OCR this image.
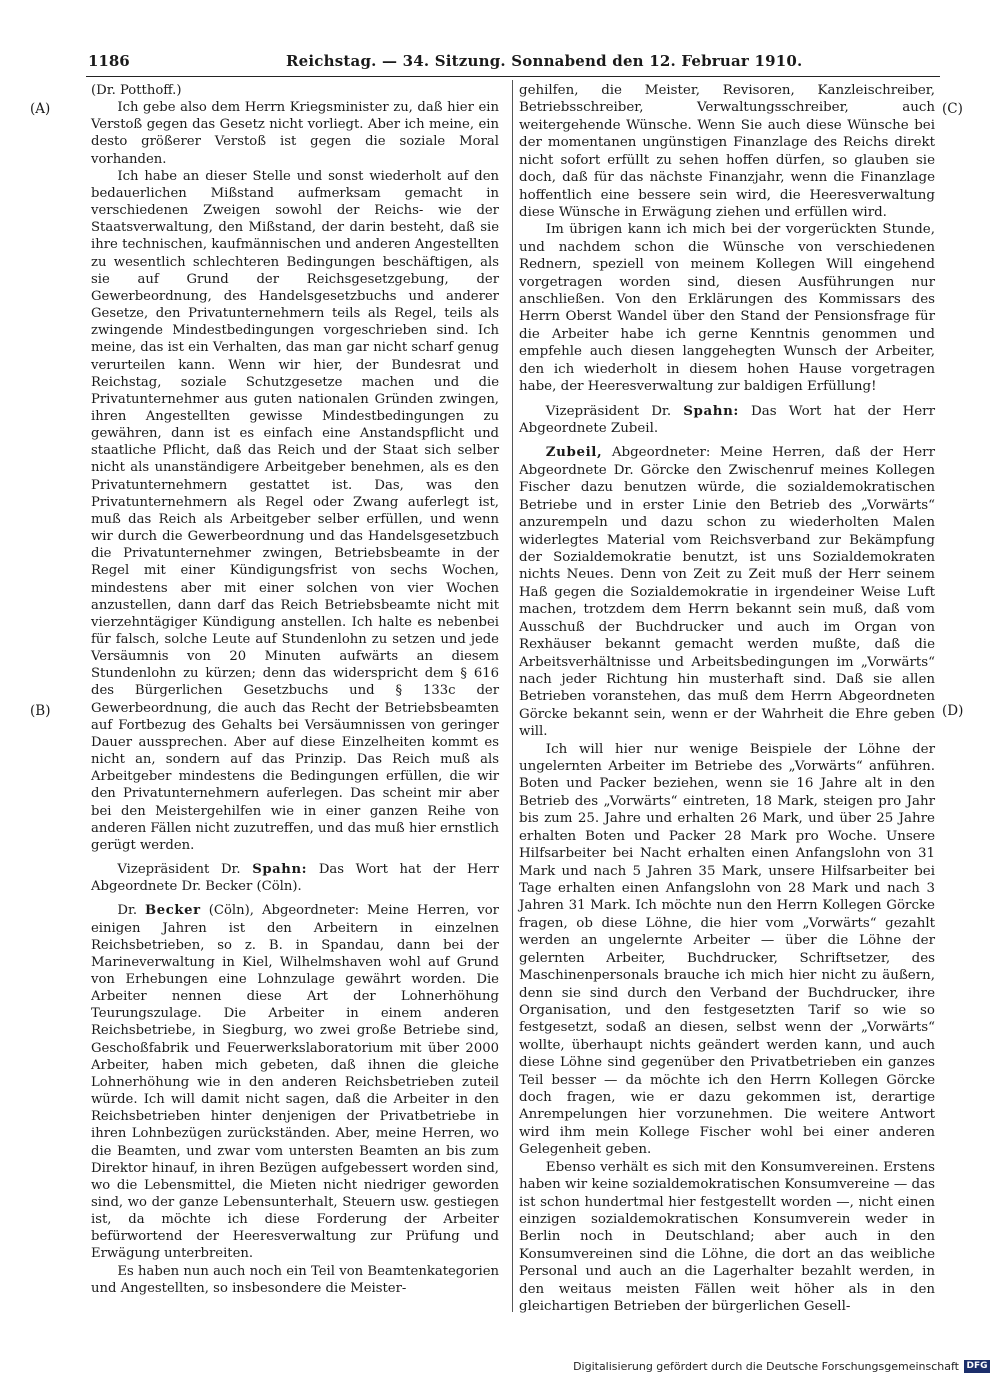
1186	Reichstag. — 34. Sitzung. Sonnabend den 12. Februar 1910.
(A)
(B)
(C)
(D)

(Dr. Potthoff.)

Ich gebe also dem Herrn Kriegsminister zu, daß hier ein Verstoß gegen das Gesetz nicht vorliegt. Aber ich meine, ein desto größerer Verstoß ist gegen die soziale Moral vorhanden.

Ich habe an dieser Stelle und sonst wiederholt auf den bedauerlichen Mißstand aufmerksam gemacht in verschiedenen Zweigen sowohl der Reichs- wie der Staatsverwaltung, den Mißstand, der darin besteht, daß sie ihre technischen, kaufmännischen und anderen Angestellten zu wesentlich schlechteren Bedingungen beschäftigen, als sie auf Grund der Reichsgesetzgebung, der Gewerbeordnung, des Handelsgesetzbuchs und anderer Gesetze, den Privatunternehmern teils als Regel, teils als zwingende Mindestbedingungen vorgeschrieben sind. Ich meine, das ist ein Verhalten, das man gar nicht scharf genug verurteilen kann. Wenn wir hier, der Bundesrat und Reichstag, soziale Schutzgesetze machen und die Privatunternehmer aus guten nationalen Gründen zwingen, ihren Angestellten gewisse Mindestbedingungen zu gewähren, dann ist es einfach eine Anstandspflicht und staatliche Pflicht, daß das Reich und der Staat sich selber nicht als unanständigere Arbeitgeber benehmen, als es den Privatunternehmern gestattet ist. Das, was den Privatunternehmern als Regel oder Zwang auferlegt ist, muß das Reich als Arbeitgeber selber erfüllen, und wenn wir durch die Gewerbeordnung und das Handelsgesetzbuch die Privatunternehmer zwingen, Betriebsbeamte in der Regel mit einer Kündigungsfrist von sechs Wochen, mindestens aber mit einer solchen von vier Wochen anzustellen, dann darf das Reich Betriebsbeamte nicht mit vierzehntägiger Kündigung anstellen. Ich halte es nebenbei für falsch, solche Leute auf Stundenlohn zu setzen und jede Versäumnis von 20 Minuten aufwärts an diesem Stundenlohn zu kürzen; denn das widerspricht dem § 616 des Bürgerlichen Gesetzbuchs und § 133c der Gewerbeordnung, die auch das Recht der Betriebsbeamten auf Fortbezug des Gehalts bei Versäumnissen von geringer Dauer aussprechen. Aber auf diese Einzelheiten kommt es nicht an, sondern auf das Prinzip. Das Reich muß als Arbeitgeber mindestens die Bedingungen erfüllen, die wir den Privatunternehmern auferlegen. Das scheint mir aber bei den Meistergehilfen wie in einer ganzen Reihe von anderen Fällen nicht zuzutreffen, und das muß hier ernstlich gerügt werden.

Vizepräsident Dr. Spahn: Das Wort hat der Herr Abgeordnete Dr. Becker (Cöln).

Dr. Becker (Cöln), Abgeordneter: Meine Herren, vor einigen Jahren ist den Arbeitern in einzelnen Reichsbetrieben, so z. B. in Spandau, dann bei der Marineverwaltung in Kiel, Wilhelmshaven wohl auf Grund von Erhebungen eine Lohnzulage gewährt worden. Die Arbeiter nennen diese Art der Lohnerhöhung Teurungszulage. Die Arbeiter in einem anderen Reichsbetriebe, in Siegburg, wo zwei große Betriebe sind, Geschoßfabrik und Feuerwerkslaboratorium mit über 2000 Arbeiter, haben mich gebeten, daß ihnen die gleiche Lohnerhöhung wie in den anderen Reichsbetrieben zuteil würde. Ich will damit nicht sagen, daß die Arbeiter in den Reichsbetrieben hinter denjenigen der Privatbetriebe in ihren Lohnbezügen zurückständen. Aber, meine Herren, wo die Beamten, und zwar vom untersten Beamten an bis zum Direktor hinauf, in ihren Bezügen aufgebessert worden sind, wo die Lebensmittel, die Mieten nicht niedriger geworden sind, wo der ganze Lebensunterhalt, Steuern usw. gestiegen ist, da möchte ich diese Forderung der Arbeiter befürwortend der Heeresverwaltung zur Prüfung und Erwägung unterbreiten.

Es haben nun auch noch ein Teil von Beamtenkategorien und Angestellten, so insbesondere die Meister-

gehilfen, die Meister, Revisoren, Kanzleischreiber, Betriebsschreiber, Verwaltungsschreiber, auch weitergehende Wünsche. Wenn Sie auch diese Wünsche bei der momentanen ungünstigen Finanzlage des Reichs direkt nicht sofort erfüllt zu sehen hoffen dürfen, so glauben sie doch, daß für das nächste Finanzjahr, wenn die Finanzlage hoffentlich eine bessere sein wird, die Heeresverwaltung diese Wünsche in Erwägung ziehen und erfüllen wird.

Im übrigen kann ich mich bei der vorgerückten Stunde, und nachdem schon die Wünsche von verschiedenen Rednern, speziell von meinem Kollegen Will eingehend vorgetragen worden sind, diesen Ausführungen nur anschließen. Von den Erklärungen des Kommissars des Herrn Oberst Wandel über den Stand der Pensionsfrage für die Arbeiter habe ich gerne Kenntnis genommen und empfehle auch diesen langgehegten Wunsch der Arbeiter, den ich wiederholt in diesem hohen Hause vorgetragen habe, der Heeresverwaltung zur baldigen Erfüllung!

Vizepräsident Dr. Spahn: Das Wort hat der Herr Abgeordnete Zubeil.

Zubeil, Abgeordneter: Meine Herren, daß der Herr Abgeordnete Dr. Görcke den Zwischenruf meines Kollegen Fischer dazu benutzen würde, die sozialdemokratischen Betriebe und in erster Linie den Betrieb des „Vorwärts“ anzurempeln und dazu schon zu wiederholten Malen widerlegtes Material vom Reichsverband zur Bekämpfung der Sozialdemokratie benutzt, ist uns Sozialdemokraten nichts Neues. Denn von Zeit zu Zeit muß der Herr seinem Haß gegen die Sozialdemokratie in irgendeiner Weise Luft machen, trotzdem dem Herrn bekannt sein muß, daß vom Ausschuß der Buchdrucker und auch im Organ von Rexhäuser bekannt gemacht werden mußte, daß die Arbeitsverhältnisse und Arbeitsbedingungen im „Vorwärts“ nach jeder Richtung hin musterhaft sind. Daß sie allen Betrieben voranstehen, das muß dem Herrn Abgeordneten Görcke bekannt sein, wenn er der Wahrheit die Ehre geben will.

Ich will hier nur wenige Beispiele der Löhne der ungelernten Arbeiter im Betriebe des „Vorwärts“ anführen. Boten und Packer beziehen, wenn sie 16 Jahre alt in den Betrieb des „Vorwärts“ eintreten, 18 Mark, steigen pro Jahr bis zum 25. Jahre und erhalten 26 Mark, und über 25 Jahre erhalten Boten und Packer 28 Mark pro Woche. Unsere Hilfsarbeiter bei Nacht erhalten einen Anfangslohn von 31 Mark und nach 5 Jahren 35 Mark, unsere Hilfsarbeiter bei Tage erhalten einen Anfangslohn von 28 Mark und nach 3 Jahren 31 Mark. Ich möchte nun den Herrn Kollegen Görcke fragen, ob diese Löhne, die hier vom „Vorwärts“ gezahlt werden an ungelernte Arbeiter — über die Löhne der gelernten Arbeiter, Buchdrucker, Schriftsetzer, des Maschinenpersonals brauche ich mich hier nicht zu äußern, denn sie sind durch den Verband der Buchdrucker, ihre Organisation, und den festgesetzten Tarif so wie so festgesetzt, sodaß an diesen, selbst wenn der „Vorwärts“ wollte, überhaupt nichts geändert werden kann, und auch diese Löhne sind gegenüber den Privatbetrieben ein ganzes Teil besser — da möchte ich den Herrn Kollegen Görcke doch fragen, wie er dazu gekommen ist, derartige Anrempelungen hier vorzunehmen. Die weitere Antwort wird ihm mein Kollege Fischer wohl bei einer anderen Gelegenheit geben.

Ebenso verhält es sich mit den Konsumvereinen. Erstens haben wir keine sozialdemokratischen Konsumvereine — das ist schon hundertmal hier festgestellt worden —, nicht einen einzigen sozialdemokratischen Konsumverein weder in Berlin noch in Deutschland; aber auch in den Konsumvereinen sind die Löhne, die dort an das weibliche Personal und auch an die Lagerhalter bezahlt werden, in den weitaus meisten Fällen weit höher als in den gleichartigen Betrieben der bürgerlichen Gesell-

Digitalisierung gefördert durch die Deutsche Forschungsgemeinschaft DFG
